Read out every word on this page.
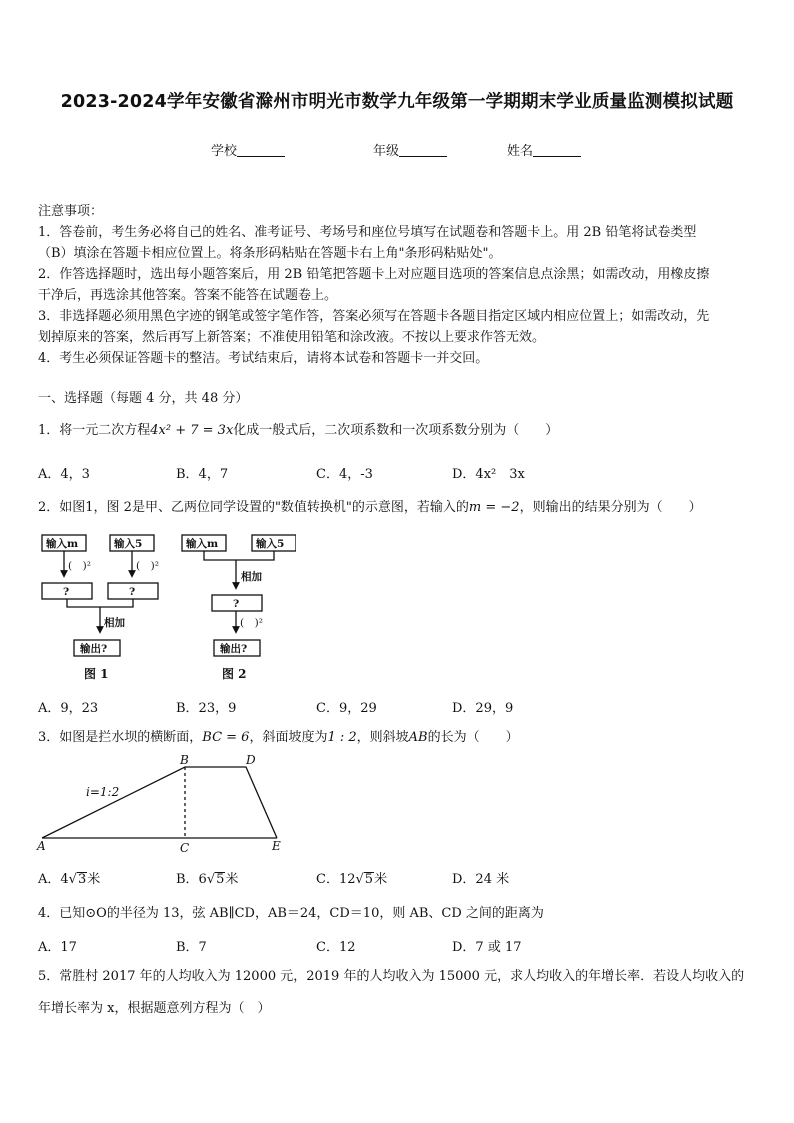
2023-2024学年安徽省滁州市明光市数学九年级第一学期期末学业质量监测模拟试题
学校	年级	姓名

注意事项：

1．答卷前，考生务必将自己的姓名、准考证号、考场号和座位号填写在试题卷和答题卡上。用 2B 铅笔将试卷类型

（B）填涂在答题卡相应位置上。将条形码粘贴在答题卡右上角"条形码粘贴处"。

2．作答选择题时，选出每小题答案后，用 2B 铅笔把答题卡上对应题目选项的答案信息点涂黑；如需改动，用橡皮擦

干净后，再选涂其他答案。答案不能答在试题卷上。

3．非选择题必须用黑色字迹的钢笔或签字笔作答，答案必须写在答题卡各题目指定区域内相应位置上；如需改动，先

划掉原来的答案，然后再写上新答案；不准使用铅笔和涂改液。不按以上要求作答无效。

4．考生必须保证答题卡的整洁。考试结束后，请将本试卷和答题卡一并交回。

一、选择题（每题 4 分，共 48 分）
1．将一元二次方程4x² + 7 = 3x化成一般式后，二次项系数和一次项系数分别为（　　）
A．4，3	B．4，7	C．4，-3	D．4x²　3x
2．如图1，图 2是甲、乙两位同学设置的"数值转换机"的示意图，若输入的m = −2，则输出的结果分别为（　　）
输入m	输入5
(　)²	(　)²
?	?
相加
输出?
图 1
输入m	输入5
相加
?
(　)²
输出?
图 2
A．9，23	B．23，9	C．9，29	D．29，9
3．如图是拦水坝的横断面，BC = 6，斜面坡度为1 : 2，则斜坡AB的长为（　　）
i=1:2
A
B
C
D
E
A．4√3米	B．6√5米	C．12√5米	D．24 米
4．已知⊙O的半径为 13，弦 AB∥CD，AB＝24，CD＝10，则 AB、CD 之间的距离为
A．17	B．7	C．12	D．7 或 17
5．常胜村 2017 年的人均收入为 12000 元，2019 年的人均收入为 15000 元，求人均收入的年增长率．若设人均收入的
年增长率为 x，根据题意列方程为（　）
